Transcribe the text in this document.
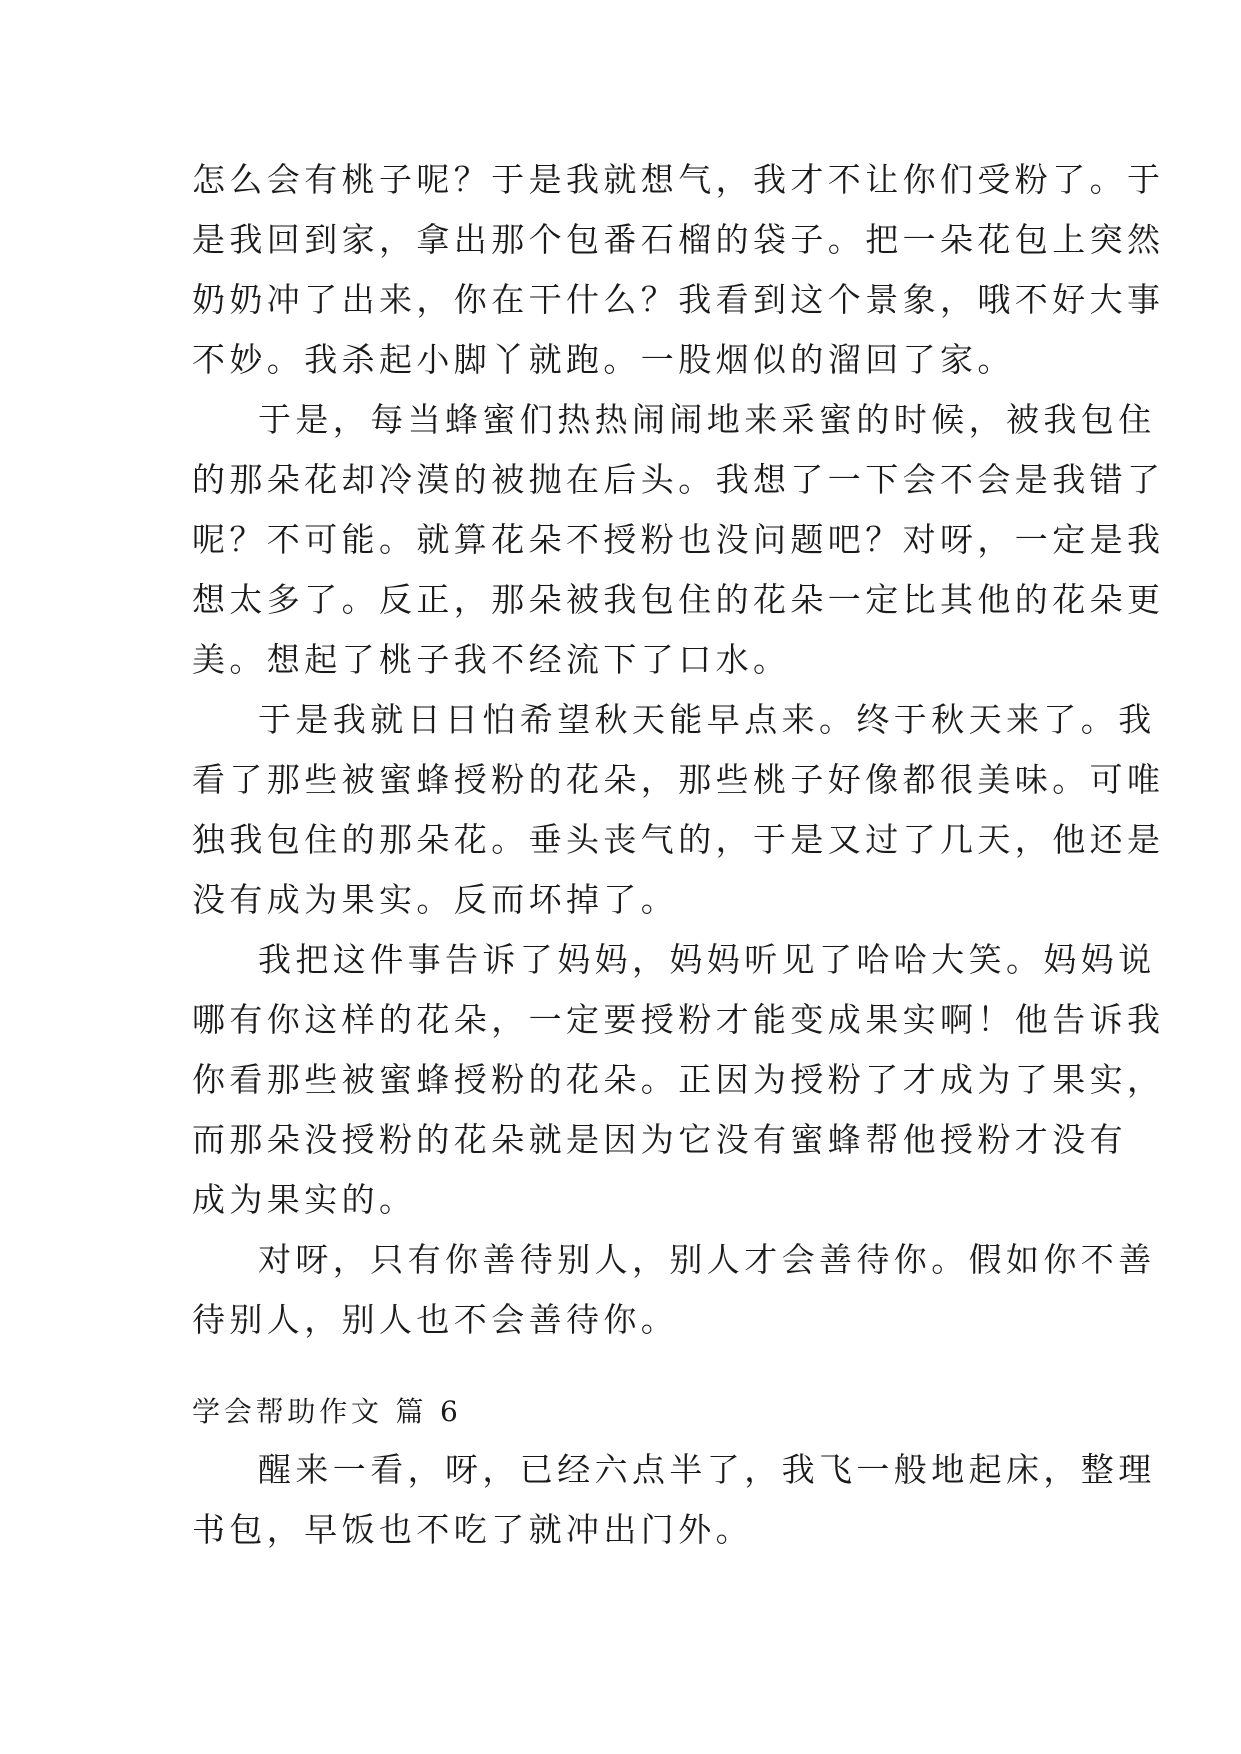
怎么会有桃子呢？于是我就想气，我才不让你们受粉了。于
是我回到家，拿出那个包番石榴的袋子。把一朵花包上突然
奶奶冲了出来，你在干什么？我看到这个景象，哦不好大事
不妙。我杀起小脚丫就跑。一股烟似的溜回了家。
于是，每当蜂蜜们热热闹闹地来采蜜的时候，被我包住
的那朵花却冷漠的被抛在后头。我想了一下会不会是我错了
呢？不可能。就算花朵不授粉也没问题吧？对呀，一定是我
想太多了。反正，那朵被我包住的花朵一定比其他的花朵更
美。想起了桃子我不经流下了口水。
于是我就日日怕希望秋天能早点来。终于秋天来了。我
看了那些被蜜蜂授粉的花朵，那些桃子好像都很美味。可唯
独我包住的那朵花。垂头丧气的，于是又过了几天，他还是
没有成为果实。反而坏掉了。
我把这件事告诉了妈妈，妈妈听见了哈哈大笑。妈妈说
哪有你这样的花朵，一定要授粉才能变成果实啊！他告诉我
你看那些被蜜蜂授粉的花朵。正因为授粉了才成为了果实，
而那朵没授粉的花朵就是因为它没有蜜蜂帮他授粉才没有
成为果实的。
对呀，只有你善待别人，别人才会善待你。假如你不善
待别人，别人也不会善待你。
学会帮助作文 篇 6
醒来一看，呀，已经六点半了，我飞一般地起床，整理
书包，早饭也不吃了就冲出门外。
